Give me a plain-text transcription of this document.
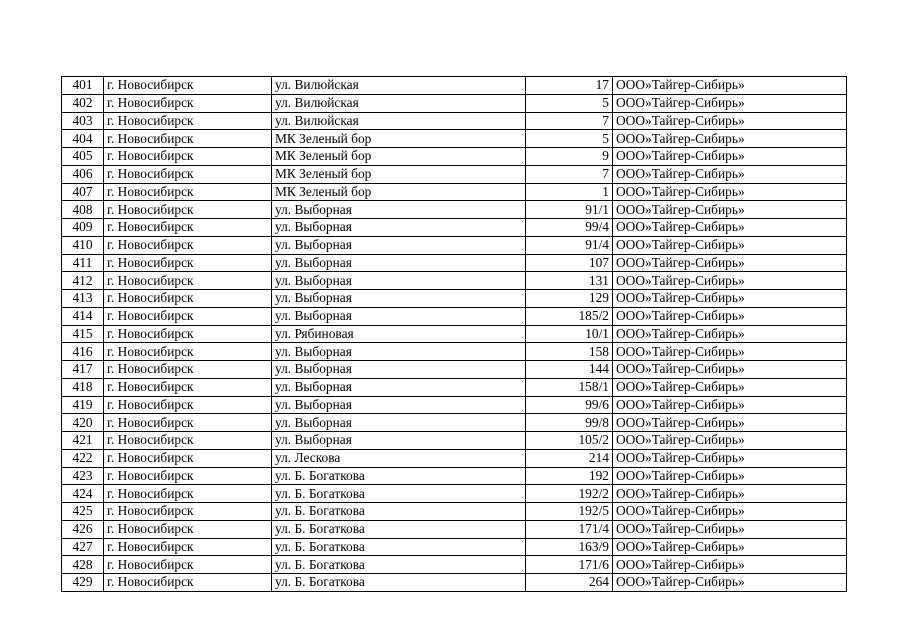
401	г. Новосибирск	ул. Вилюйская	17	ООО»Тайгер-Сибирь»
402	г. Новосибирск	ул. Вилюйская	5	ООО»Тайгер-Сибирь»
403	г. Новосибирск	ул. Вилюйская	7	ООО»Тайгер-Сибирь»
404	г. Новосибирск	МК Зеленый бор	5	ООО»Тайгер-Сибирь»
405	г. Новосибирск	МК Зеленый бор	9	ООО»Тайгер-Сибирь»
406	г. Новосибирск	МК Зеленый бор	7	ООО»Тайгер-Сибирь»
407	г. Новосибирск	МК Зеленый бор	1	ООО»Тайгер-Сибирь»
408	г. Новосибирск	ул. Выборная	91/1	ООО»Тайгер-Сибирь»
409	г. Новосибирск	ул. Выборная	99/4	ООО»Тайгер-Сибирь»
410	г. Новосибирск	ул. Выборная	91/4	ООО»Тайгер-Сибирь»
411	г. Новосибирск	ул. Выборная	107	ООО»Тайгер-Сибирь»
412	г. Новосибирск	ул. Выборная	131	ООО»Тайгер-Сибирь»
413	г. Новосибирск	ул. Выборная	129	ООО»Тайгер-Сибирь»
414	г. Новосибирск	ул. Выборная	185/2	ООО»Тайгер-Сибирь»
415	г. Новосибирск	ул. Рябиновая	10/1	ООО»Тайгер-Сибирь»
416	г. Новосибирск	ул. Выборная	158	ООО»Тайгер-Сибирь»
417	г. Новосибирск	ул. Выборная	144	ООО»Тайгер-Сибирь»
418	г. Новосибирск	ул. Выборная	158/1	ООО»Тайгер-Сибирь»
419	г. Новосибирск	ул. Выборная	99/6	ООО»Тайгер-Сибирь»
420	г. Новосибирск	ул. Выборная	99/8	ООО»Тайгер-Сибирь»
421	г. Новосибирск	ул. Выборная	105/2	ООО»Тайгер-Сибирь»
422	г. Новосибирск	ул. Лескова	214	ООО»Тайгер-Сибирь»
423	г. Новосибирск	ул. Б. Богаткова	192	ООО»Тайгер-Сибирь»
424	г. Новосибирск	ул. Б. Богаткова	192/2	ООО»Тайгер-Сибирь»
425	г. Новосибирск	ул. Б. Богаткова	192/5	ООО»Тайгер-Сибирь»
426	г. Новосибирск	ул. Б. Богаткова	171/4	ООО»Тайгер-Сибирь»
427	г. Новосибирск	ул. Б. Богаткова	163/9	ООО»Тайгер-Сибирь»
428	г. Новосибирск	ул. Б. Богаткова	171/6	ООО»Тайгер-Сибирь»
429	г. Новосибирск	ул. Б. Богаткова	264	ООО»Тайгер-Сибирь»
